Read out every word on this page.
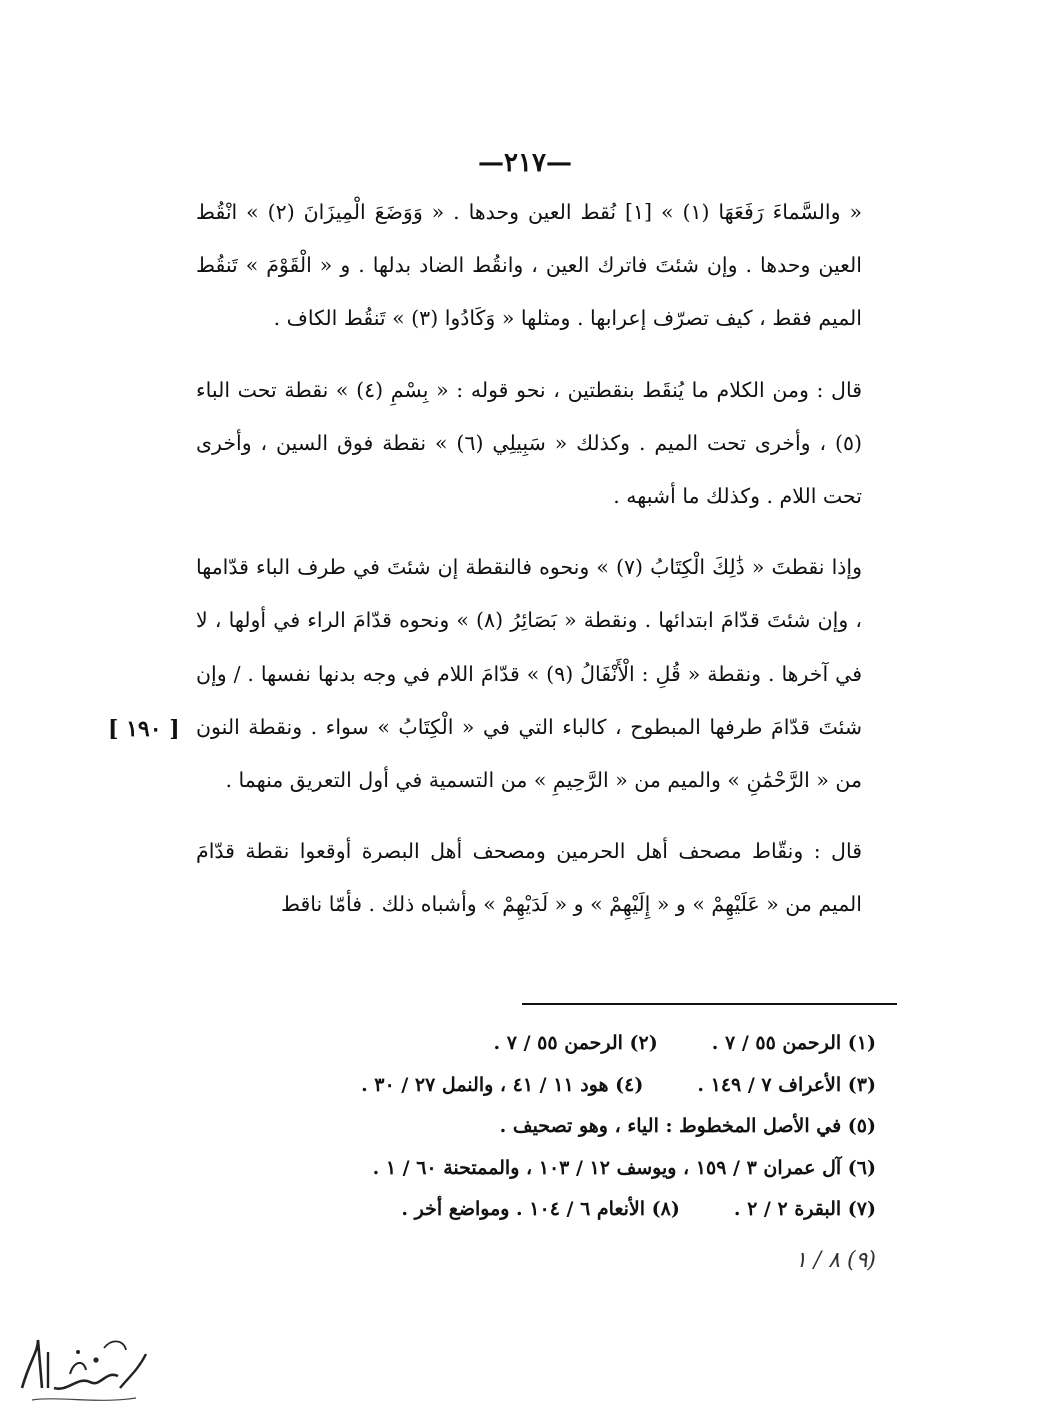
—٢١٧—

« والسَّماءَ رَفَعَهَا (١) » [١] نُقط العين وحدها . « وَوَضَعَ الْمِيزَانَ (٢) » انْقُط العين وحدها . وإن شئتَ فاترك العين ، وانقُط الضاد بدلها . و « الْقَوْمَ » تَنقُط الميم فقط ، كيف تصرّف إعرابها . ومثلها « وَكَادُوا (٣) » تَنقُط الكاف .

قال : ومن الكلام ما يُنقَط بنقطتين ، نحو قوله : « بِسْمِ (٤) » نقطة تحت الباء (٥) ، وأخرى تحت الميم . وكذلك « سَبِيلِي (٦) » نقطة فوق السين ، وأخرى تحت اللام . وكذلك ما أشبهه .

وإذا نقطتَ « ذَٰلِكَ الْكِتَابُ (٧) » ونحوه فالنقطة إن شئتَ في طرف الباء قدّامها ، وإن شئتَ قدّامَ ابتدائها . ونقطة « بَصَائِرُ (٨) » ونحوه قدّامَ الراء في أولها ، لا في آخرها . ونقطة « قُلِ : الْأَنْفَالُ (٩) » قدّامَ اللام في وجه بدنها نفسها . / وإن شئتَ قدّامَ طرفها المبطوح ، كالباء التي في « الْكِتَابُ » سواء . ونقطة النون من « الرَّحْمَٰنِ » والميم من « الرَّحِيمِ » من التسمية في أول التعريق منهما .

قال : ونقّاط مصحف أهل الحرمين ومصحف أهل البصرة أوقعوا نقطة قدّامَ الميم من « عَلَيْهِمْ » و « إِلَيْهِمْ » و « لَدَيْهِمْ » وأشباه ذلك . فأمّا ناقط

[ ١٩٠ ]
(١) الرحمن ٥٥ / ٧ .(٢) الرحمن ٥٥ / ٧ .
(٣) الأعراف ٧ / ١٤٩ .(٤) هود ١١ / ٤١ ، والنمل ٢٧ / ٣٠ .
(٥) في الأصل المخطوط : الياء ، وهو تصحيف .
(٦) آل عمران ٣ / ١٥٩ ، ويوسف ١٢ / ١٠٣ ، والممتحنة ٦٠ / ١ .
(٧) البقرة ٢ / ٢ .(٨) الأنعام ٦ / ١٠٤ . ومواضع أخر .
(٩) ٨ / ١
